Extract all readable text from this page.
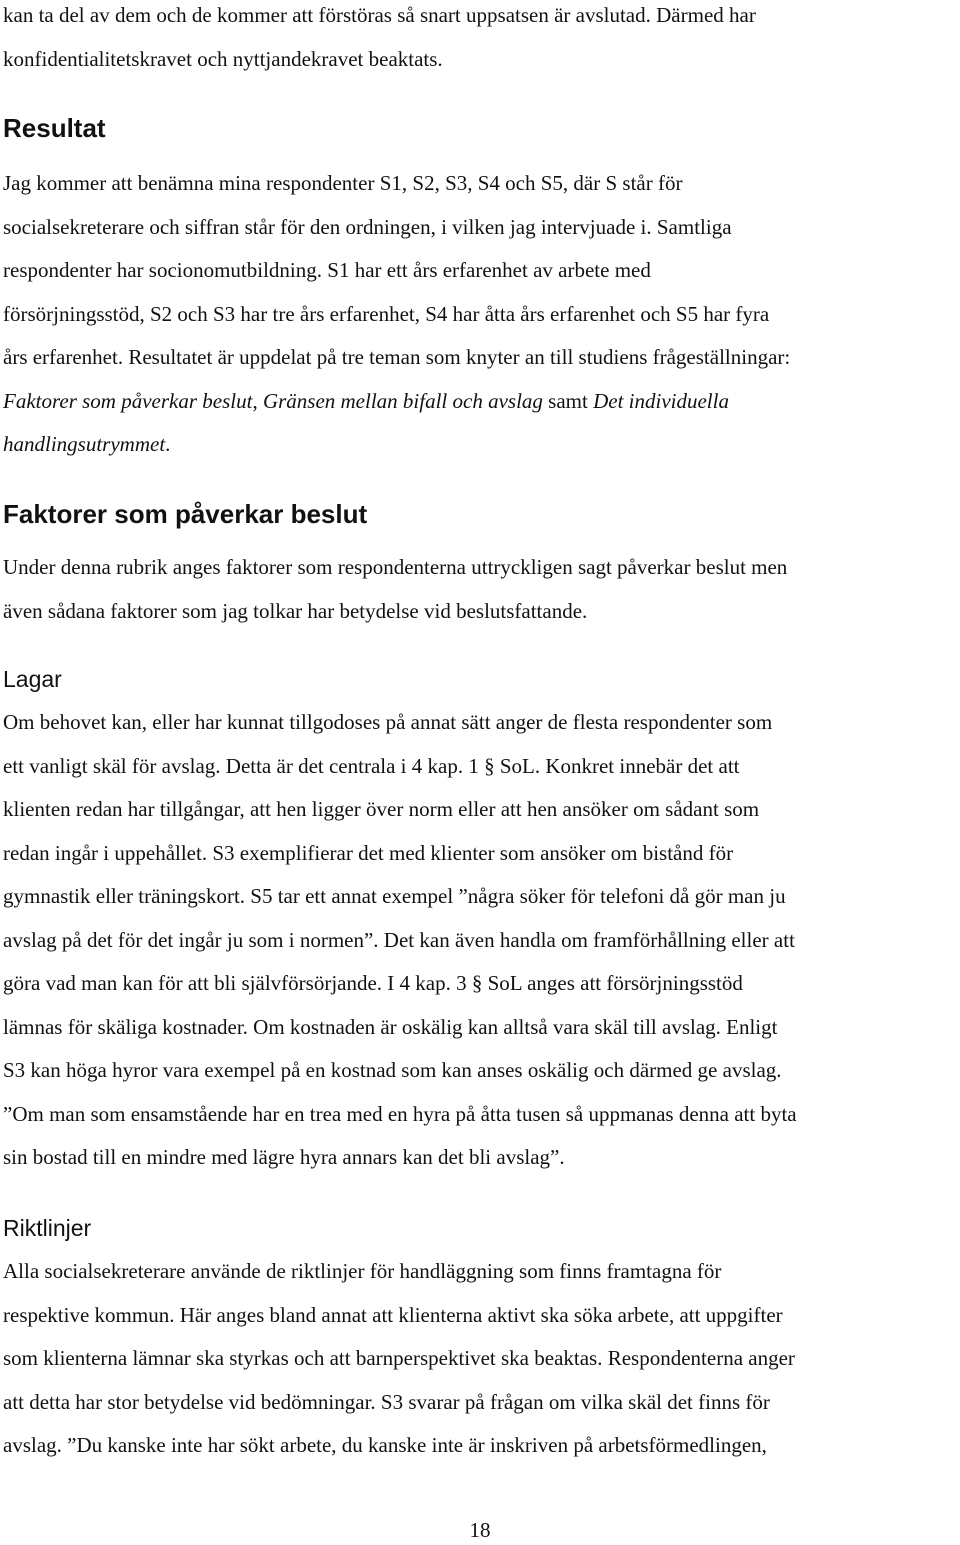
kan ta del av dem och de kommer att förstöras så snart uppsatsen är avslutad. Därmed har
konfidentialitetskravet och nyttjandekravet beaktats.

Resultat
Jag kommer att benämna mina respondenter S1, S2, S3, S4 och S5, där S står för
socialsekreterare och siffran står för den ordningen, i vilken jag intervjuade i. Samtliga
respondenter har socionomutbildning. S1 har ett års erfarenhet av arbete med
försörjningsstöd, S2 och S3 har tre års erfarenhet, S4 har åtta års erfarenhet och S5 har fyra
års erfarenhet. Resultatet är uppdelat på tre teman som knyter an till studiens frågeställningar:
Faktorer som påverkar beslut, Gränsen mellan bifall och avslag samt Det individuella
handlingsutrymmet.
Faktorer som påverkar beslut

Under denna rubrik anges faktorer som respondenterna uttryckligen sagt påverkar beslut men
även sådana faktorer som jag tolkar har betydelse vid beslutsfattande.

Lagar

Om behovet kan, eller har kunnat tillgodoses på annat sätt anger de flesta respondenter som
ett vanligt skäl för avslag. Detta är det centrala i 4 kap. 1 § SoL. Konkret innebär det att
klienten redan har tillgångar, att hen ligger över norm eller att hen ansöker om sådant som
redan ingår i uppehållet. S3 exemplifierar det med klienter som ansöker om bistånd för
gymnastik eller träningskort. S5 tar ett annat exempel ”några söker för telefoni då gör man ju
avslag på det för det ingår ju som i normen”. Det kan även handla om framförhållning eller att
göra vad man kan för att bli självförsörjande. I 4 kap. 3 § SoL anges att försörjningsstöd
lämnas för skäliga kostnader. Om kostnaden är oskälig kan alltså vara skäl till avslag. Enligt
S3 kan höga hyror vara exempel på en kostnad som kan anses oskälig och därmed ge avslag.
”Om man som ensamstående har en trea med en hyra på åtta tusen så uppmanas denna att byta
sin bostad till en mindre med lägre hyra annars kan det bli avslag”.

Riktlinjer

Alla socialsekreterare använde de riktlinjer för handläggning som finns framtagna för
respektive kommun. Här anges bland annat att klienterna aktivt ska söka arbete, att uppgifter
som klienterna lämnar ska styrkas och att barnperspektivet ska beaktas. Respondenterna anger
att detta har stor betydelse vid bedömningar. S3 svarar på frågan om vilka skäl det finns för
avslag. ”Du kanske inte har sökt arbete, du kanske inte är inskriven på arbetsförmedlingen,

18
